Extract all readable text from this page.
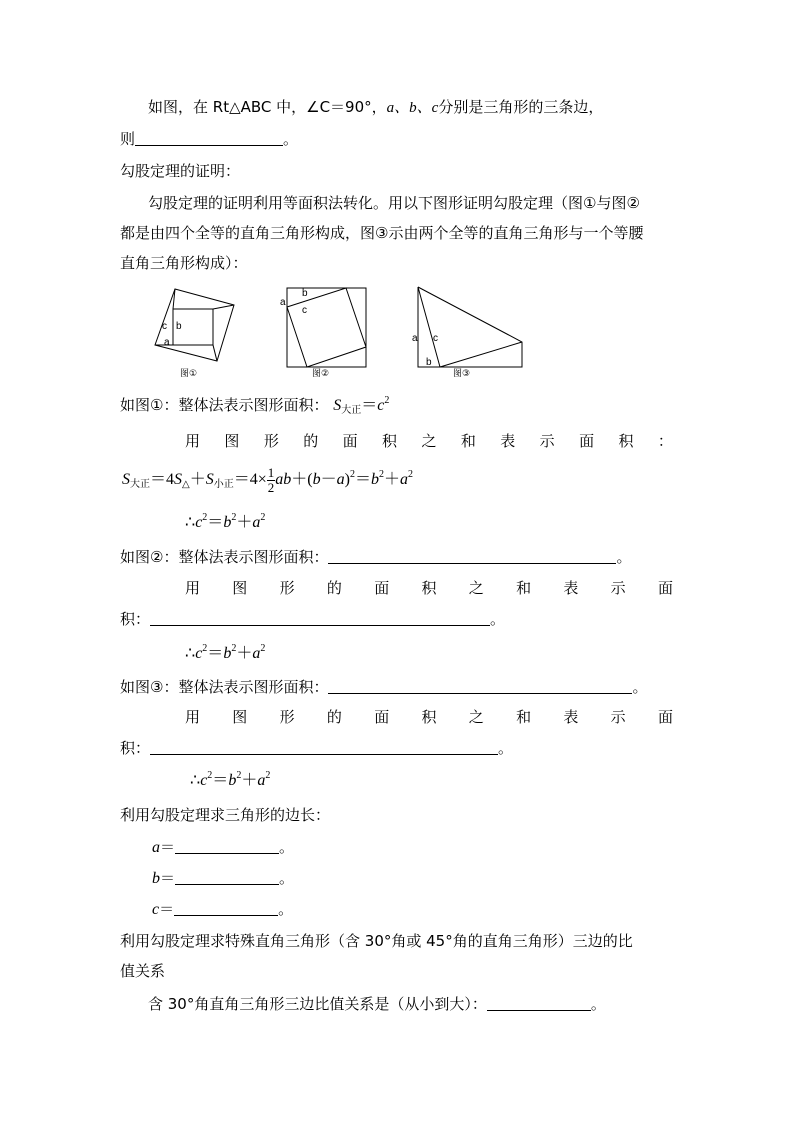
如图，在 Rt△ABC 中，∠C＝90°，a、b、c分别是三角形的三条边，
则	。
勾股定理的证明：
勾股定理的证明利用等面积法转化。用以下图形证明勾股定理（图①与图②
都是由四个全等的直角三角形构成，图③示由两个全等的直角三角形与一个等腰
直角三角形构成）：
c b
a
图①
a
b
c
图②
a c
b
图③
如图①：整体法表示图形面积： $S_{大正}=c^2$
用 图 形 的 面 积 之 和 表 示 面 积 ：
$S_{大正}=4S_\triangle+S_{小正}=4\times \frac{1}{2} ab+(b-a)^2=b^2+a^2$
$\therefore c^2=b^2+a^2$
如图②：整体法表示图形面积：	。
用 图 形 的 面 积 之 和 表 示 面
积：	。
$\therefore c^2=b^2+a^2$
如图③：整体法表示图形面积：	。
用 图 形 的 面 积 之 和 表 示 面
积：	。
$\therefore c^2=b^2+a^2$
利用勾股定理求三角形的边长：
a＝	。
b＝	。
c＝	。
利用勾股定理求特殊直角三角形（含 30°角或 45°角的直角三角形）三边的比
值关系
含 30°角直角三角形三边比值关系是（从小到大）：	。
